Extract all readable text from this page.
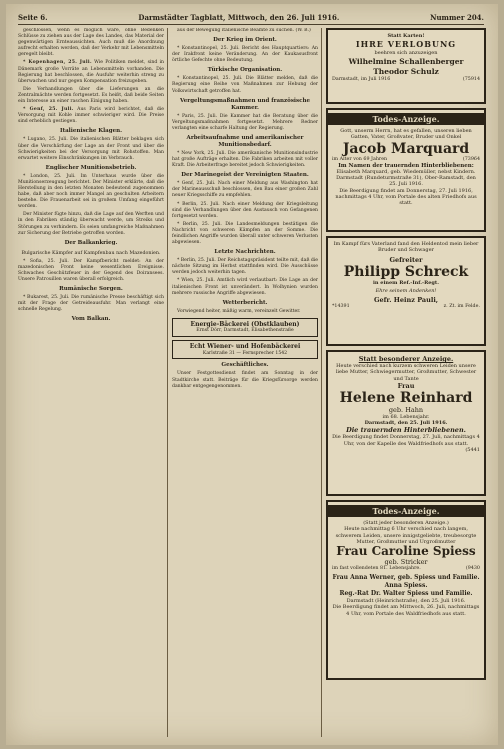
Seite 6.	Darmstädter Tagblatt, Mittwoch, den 26. Juli 1916.	Nummer 204.

geschlossen, wenn es möglich wäre, ohne Bedenken Schlüsse zu ziehen aus der Lage des Landes, das Material der gegenwärtigen Ernteaussichten. Auch muß die Anordnung aufrecht erhalten werden, daß der Verkehr mit Lebensmitteln geregelt bleibt.

* Kopenhagen, 25. Juli. Wie Politiken meldet, sind in Dänemark große Vorräte an Lebensmitteln vorhanden. Die Regierung hat beschlossen, die Ausfuhr weiterhin streng zu überwachen und nur gegen Kompensation freizugeben.

Die Verhandlungen über die Lieferungen an die Zentralmächte werden fortgesetzt. Es heißt, daß beide Seiten ein Interesse an einer raschen Einigung haben.

* Genf, 25. Juli. Aus Paris wird berichtet, daß die Versorgung mit Kohle immer schwieriger wird. Die Preise sind erheblich gestiegen.

Italienische Klagen.

* Lugano, 25. Juli. Die italienischen Blätter beklagen sich über die Verschärfung der Lage an der Front und über die Schwierigkeiten bei der Versorgung mit Rohstoffen. Man erwartet weitere Einschränkungen im Verbrauch.

Englischer Munitionsbetrieb.

* London, 25. Juli. Im Unterhaus wurde über die Munitionserzeugung berichtet. Der Minister erklärte, daß die Herstellung in den letzten Monaten bedeutend zugenommen habe, daß aber noch immer Mangel an geschulten Arbeitern bestehe. Die Frauenarbeit sei in großem Umfang eingeführt worden.

Der Minister fügte hinzu, daß die Lage auf den Werften und in den Fabriken ständig überwacht werde, um Streiks und Störungen zu verhindern. Es seien umfangreiche Maßnahmen zur Sicherung der Betriebe getroffen worden.

Der Balkankrieg.
Bulgarische Kämpfer auf Kampfenbau nach Mazedonien.

* Sofia, 25. Juli. Der Kampfbericht meldet: An der mazedonischen Front keine wesentlichen Ereignisse. Schwaches Geschützfeuer in der Gegend des Doiransees. Unsere Patrouillen waren überall erfolgreich.

Rumänische Sorgen.

* Bukarest, 25. Juli. Die rumänische Presse beschäftigt sich mit der Frage der Getreideausfuhr. Man verlangt eine schnelle Regelung.

Vom Balkan.

aus der Bewegung italienische Beamte zu suchen. (W. B.)

Der Krieg im Orient.

* Konstantinopel, 25. Juli. Bericht des Hauptquartiers: An der Irakfront keine Veränderung. An der Kaukasusfront örtliche Gefechte ohne Bedeutung.

Türkische Organisation.

* Konstantinopel, 25. Juli. Die Blätter melden, daß die Regierung eine Reihe von Maßnahmen zur Hebung der Volkswirtschaft getroffen hat.

Vergeltungsmaßnahmen und französische Kammer.

* Paris, 25. Juli. Die Kammer hat die Beratung über die Vergeltungsmaßnahmen fortgesetzt. Mehrere Redner verlangten eine scharfe Haltung der Regierung.

Arbeitsaufnahme und amerikanischer Munitionsbedarf.

* New York, 25. Juli. Die amerikanische Munitionsindustrie hat große Aufträge erhalten. Die Fabriken arbeiten mit voller Kraft. Die Arbeiterfrage bereitet jedoch Schwierigkeiten.

Der Marinegeist der Vereinigten Staaten.

* Genf, 25. Juli. Nach einer Meldung aus Washington hat der Marineausschuß beschlossen, den Bau einer großen Zahl neuer Kriegsschiffe zu empfehlen.

* Berlin, 25. Juli. Nach einer Meldung der Kriegsleitung sind die Verhandlungen über den Austausch von Gefangenen fortgesetzt worden.

* Berlin, 25. Juli. Die Landesmeldungen bestätigen die Nachricht von schweren Kämpfen an der Somme. Die feindlichen Angriffe wurden überall unter schweren Verlusten abgewiesen.

Letzte Nachrichten.

* Berlin, 25. Juli. Der Reichstagspräsident teilte mit, daß die nächste Sitzung im Herbst stattfinden wird. Die Ausschüsse werden jedoch weiterhin tagen.

* Wien, 25. Juli. Amtlich wird verlautbart: Die Lage an der italienischen Front ist unverändert. In Wolhynien wurden mehrere russische Angriffe abgewiesen.

Wetterbericht.

Vorwiegend heiter, mäßig warm, vereinzelt Gewitter.

Energie-Bäckerei (Obstklauben)
Ernst Dörr, Darmstadt, Elisabethenstraße
Echt Wiener- und Hofenbäckerei
Karlstraße 31 — Fernsprecher 1542
Geschäftliches.

Unser Festgottesdienst findet am Sonntag in der Stadtkirche statt. Beiträge für die Kriegsfürsorge werden dankbar entgegengenommen.

Statt Karten!
IHRE VERLOBUNG
beehren sich anzuzeigen
Wilhelmine Schallenberger
Theodor Schulz
Darmstadt, im Juli 1916	(75914
Todes-Anzeige.
Gott, unserm Herrn, hat es gefallen, unseren lieben Gatten, Vater, Großvater, Bruder und Onkel
Jacob Marquard
im Alter von 69 Jahren	(73964
Im Namen der trauernden Hinterbliebenen:
Elisabeth Marquard, geb. Wiedemüller, nebst Kindern.
Darmstadt (Rundeturmstraße 31), Ober-Ramstadt, den 25. Juli 1916.
Die Beerdigung findet am Donnerstag, 27. Juli 1916, nachmittags 4 Uhr, vom Portale des alten Friedhofs aus statt.
Im Kampf fürs Vaterland fand den Heldentod mein lieber Bruder und Schwager
Gefreiter
Philipp Schreck
in einem Ref.-Inf.-Regt.
Ehre seinem Andenken!
Gefr. Heinz Pauli,
*14391	z. Zt. im Felde.
Statt besonderer Anzeige.
Heute verschied nach kurzem schweren Leiden unsere liebe Mutter, Schwiegermutter, Großmutter, Schwester und Tante
Frau
Helene Reinhard
geb. Hahn
im 68. Lebensjahr.
Darmstadt, den 25. Juli 1916.
Die trauernden Hinterbliebenen.
Die Beerdigung findet Donnerstag, 27. Juli, nachmittags 4 Uhr, von der Kapelle des Waldfriedhofs aus statt.
(5441
Todes-Anzeige.
(Statt jeder besonderen Anzeige.)
Heute nachmittag 6 Uhr verschied nach langem, schwerem Leiden, unsere innigstgeliebte, treubesorgte Mutter, Großmutter und Urgroßmutter
Frau Caroline Spiess
geb. Stricker
im fast vollendeten 81. Lebensjahre.	(9430
Frau Anna Werner, geb. Spiess und Familie.
Anna Spiess.
Reg.-Rat Dr. Walter Spiess und Familie.
Darmstadt (Heinrichstraße), den 25. Juli 1916.
Die Beerdigung findet am Mittwoch, 26. Juli, nachmittags 4 Uhr, vom Portale des Waldfriedhofs aus statt.
